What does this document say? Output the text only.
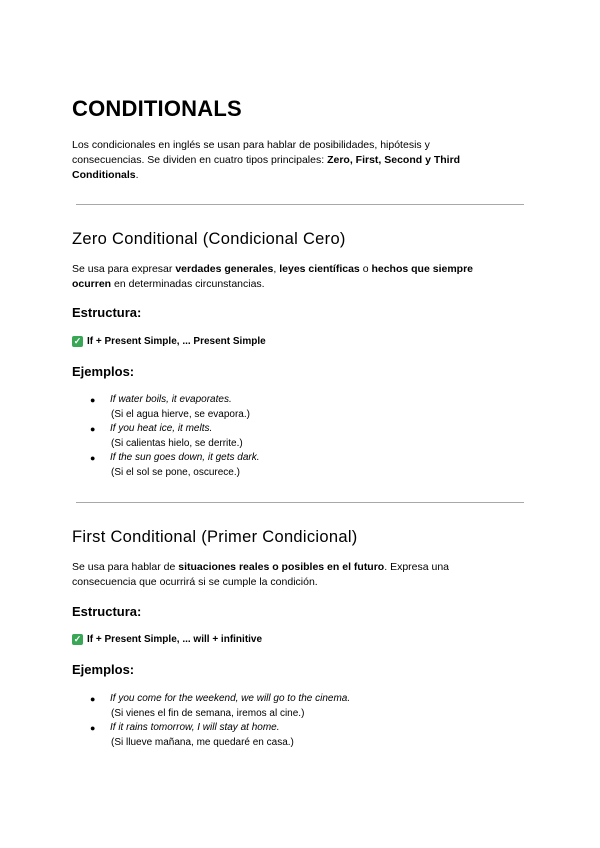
CONDITIONALS

Los condicionales en inglés se usan para hablar de posibilidades, hipótesis y consecuencias. Se dividen en cuatro tipos principales: Zero, First, Second y Third Conditionals.

Zero Conditional (Condicional Cero)

Se usa para expresar verdades generales, leyes científicas o hechos que siempre ocurren en determinadas circunstancias.

Estructura:
✓ If + Present Simple, ... Present Simple
Ejemplos:
● If water boils, it evaporates.
(Si el agua hierve, se evapora.)
● If you heat ice, it melts.
(Si calientas hielo, se derrite.)
● If the sun goes down, it gets dark.
(Si el sol se pone, oscurece.)
First Conditional (Primer Condicional)

Se usa para hablar de situaciones reales o posibles en el futuro. Expresa una consecuencia que ocurrirá si se cumple la condición.

Estructura:
✓ If + Present Simple, ... will + infinitive
Ejemplos:
● If you come for the weekend, we will go to the cinema.
(Si vienes el fin de semana, iremos al cine.)
● If it rains tomorrow, I will stay at home.
(Si llueve mañana, me quedaré en casa.)
